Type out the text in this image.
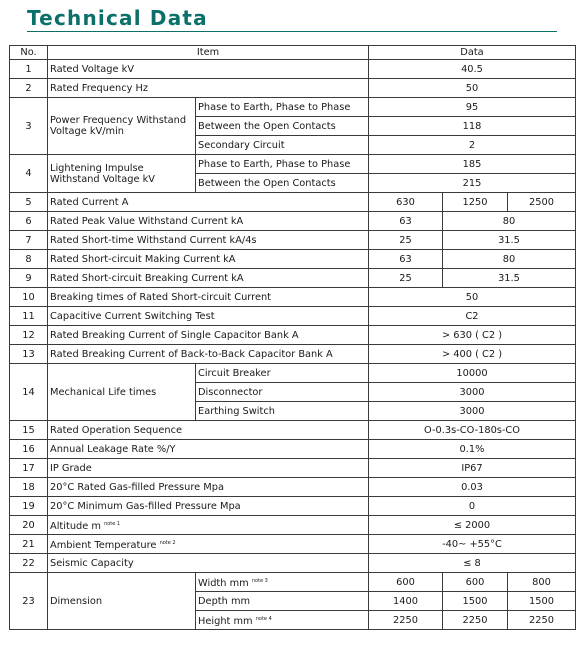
Technical Data
No.	Item		Data		
1	Rated Voltage kV		40.5		
2	Rated Frequency Hz		50		
3	Power Frequency Withstand Voltage kV/min	Phase to Earth, Phase to Phase	95		
		Between the Open Contacts	118		
		Secondary Circuit	2		
4	Lightening Impulse Withstand Voltage kV	Phase to Earth, Phase to Phase	185		
		Between the Open Contacts	215		
5	Rated Current A		630	1250	2500
6	Rated Peak Value Withstand Current kA		63	80	
7	Rated Short-time Withstand Current kA/4s		25	31.5	
8	Rated Short-circuit Making Current kA		63	80	
9	Rated Short-circuit Breaking Current kA		25	31.5	
10	Breaking times of Rated Short-circuit Current		50		
11	Capacitive Current Switching Test		C2		
12	Rated Breaking Current of Single Capacitor Bank A		> 630 ( C2 )		
13	Rated Breaking Current of Back-to-Back Capacitor Bank A		> 400 ( C2 )		
14	Mechanical Life times	Circuit Breaker	10000		
		Disconnector	3000		
		Earthing Switch	3000		
15	Rated Operation Sequence		O-0.3s-CO-180s-CO		
16	Annual Leakage Rate %/Y		0.1%		
17	IP Grade		IP67		
18	20°C Rated Gas-filled Pressure Mpa		0.03		
19	20°C Minimum Gas-filled Pressure Mpa		0		
20	Altitude m $^{note 1}$		≤ 2000		
21	Ambient Temperature $^{note 2}$		-40~ +55°C		
22	Seismic Capacity		≤ 8		
23	Dimension	Width mm $^{note 3}$	600	600	800
		Depth mm	1400	1500	1500
		Height mm $^{note 4}$	2250	2250	2250
